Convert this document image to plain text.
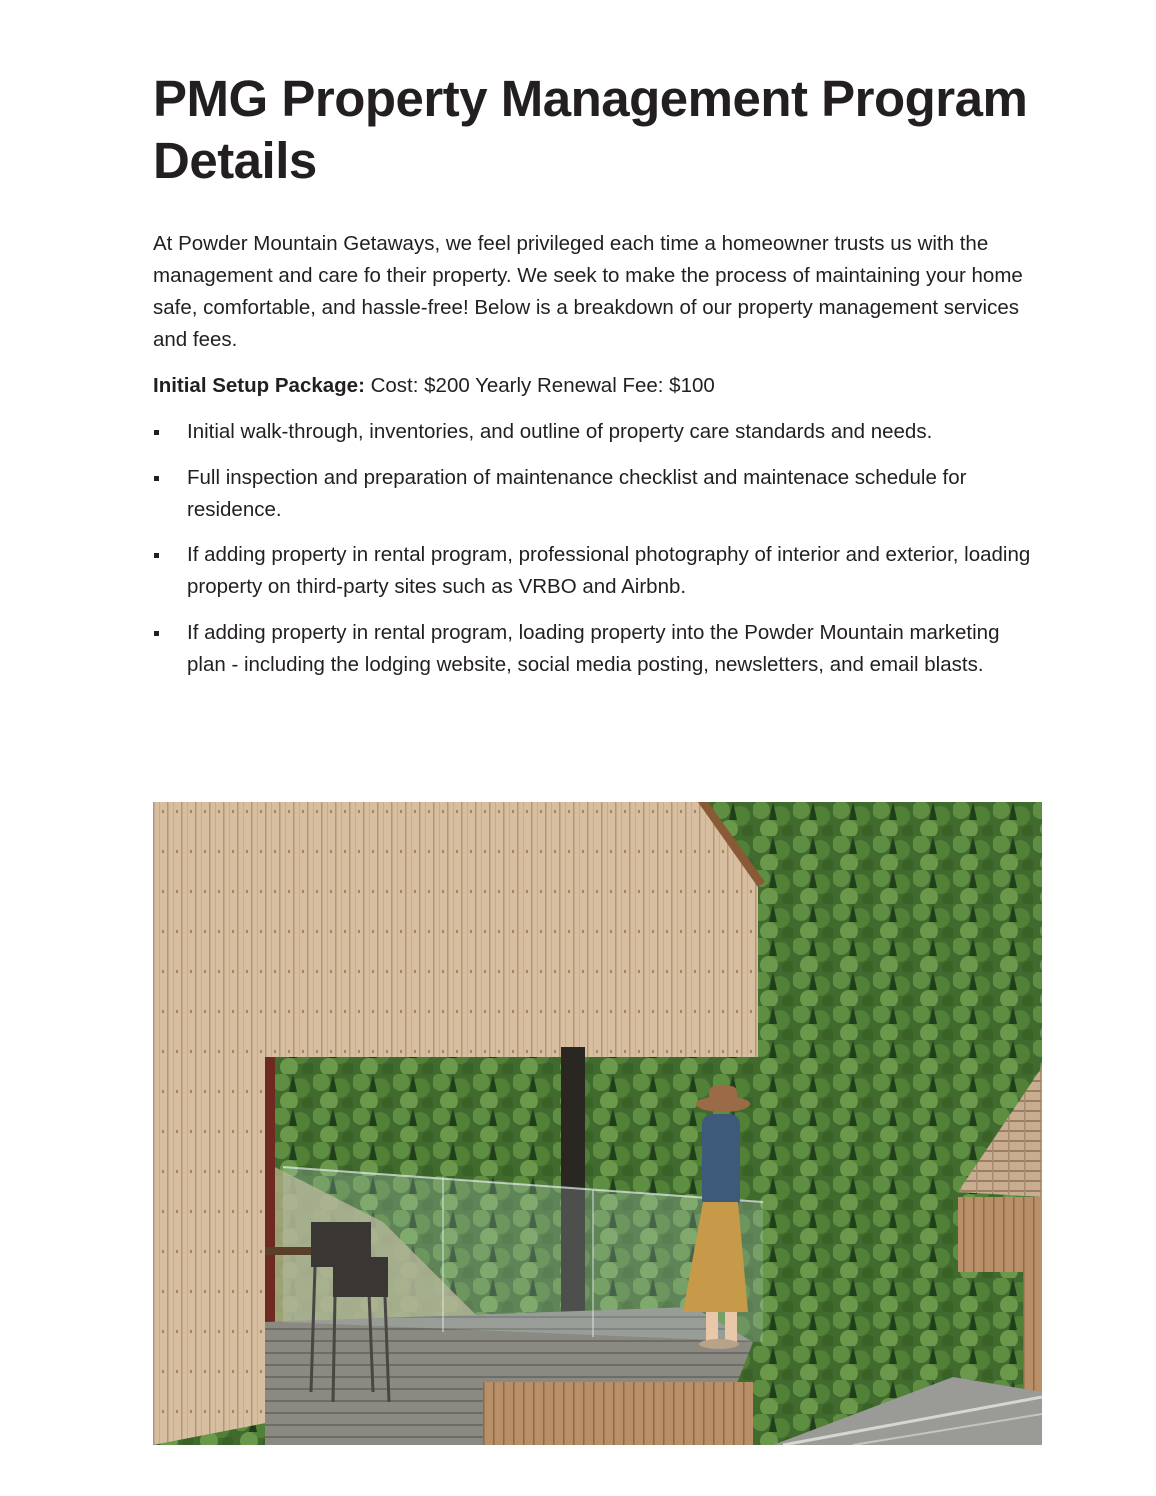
PMG Property Management Program Details

At Powder Mountain Getaways, we feel privileged each time a homeowner trusts us with the management and care fo their property. We seek to make the process of maintaining your home safe, comfortable, and hassle-free! Below is a breakdown of our property management services and fees.

Initial Setup Package: Cost: $200 Yearly Renewal Fee: $100

Initial walk-through, inventories, and outline of property care standards and needs.
Full inspection and preparation of maintenance checklist and maintenace schedule for residence.
If adding property in rental program, professional photography of interior and exterior, loading property on third-party sites such as VRBO and Airbnb.
If adding property in rental program, loading property into the Powder Mountain marketing plan - including the lodging website, social media posting, newsletters, and email blasts.
